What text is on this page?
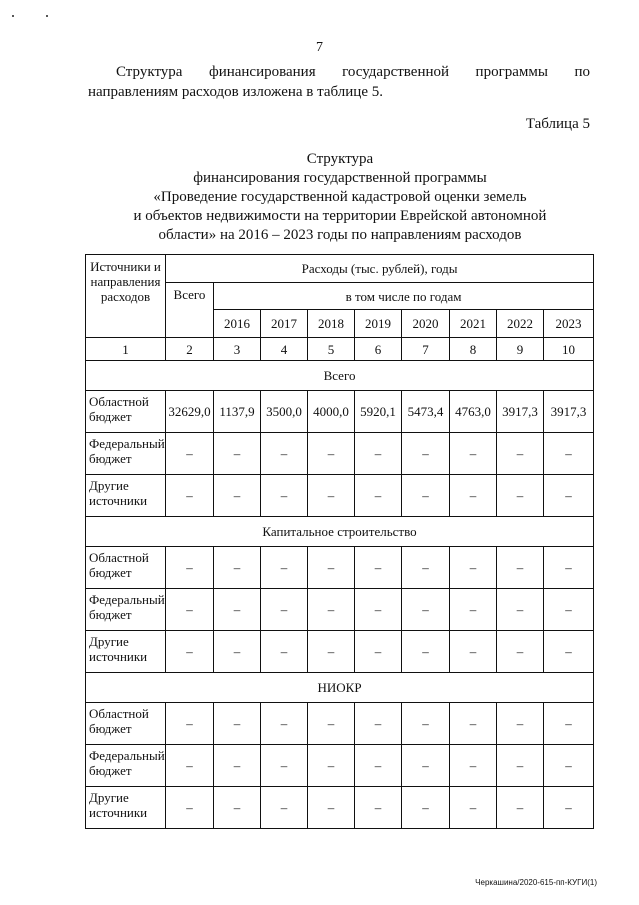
7
Структура финансирования государственной программы по
направлениям расходов изложена в таблице 5.
Таблица 5
Структура
финансирования государственной программы
«Проведение государственной кадастровой оценки земель
и объектов недвижимости на территории Еврейской автономной
области» на 2016 – 2023 годы по направлениям расходов
Источники и направления расходов	Расходы (тыс. рублей), годы								
	Всего	в том числе по годам							
		2016	2017	2018	2019	2020	2021	2022	2023
1	2	3	4	5	6	7	8	9	10
Всего									
Областной бюджет	32629,0	1137,9	3500,0	4000,0	5920,1	5473,4	4763,0	3917,3	3917,3
Федеральный бюджет	–	–	–	–	–	–	–	–	–
Другие источники	–	–	–	–	–	–	–	–	–
Капитальное строительство									
Областной бюджет	–	–	–	–	–	–	–	–	–
Федеральный бюджет	–	–	–	–	–	–	–	–	–
Другие источники	–	–	–	–	–	–	–	–	–
НИОКР									
Областной бюджет	–	–	–	–	–	–	–	–	–
Федеральный бюджет	–	–	–	–	–	–	–	–	–
Другие источники	–	–	–	–	–	–	–	–	–
Черкашина/2020-615-пп-КУГИ(1)
